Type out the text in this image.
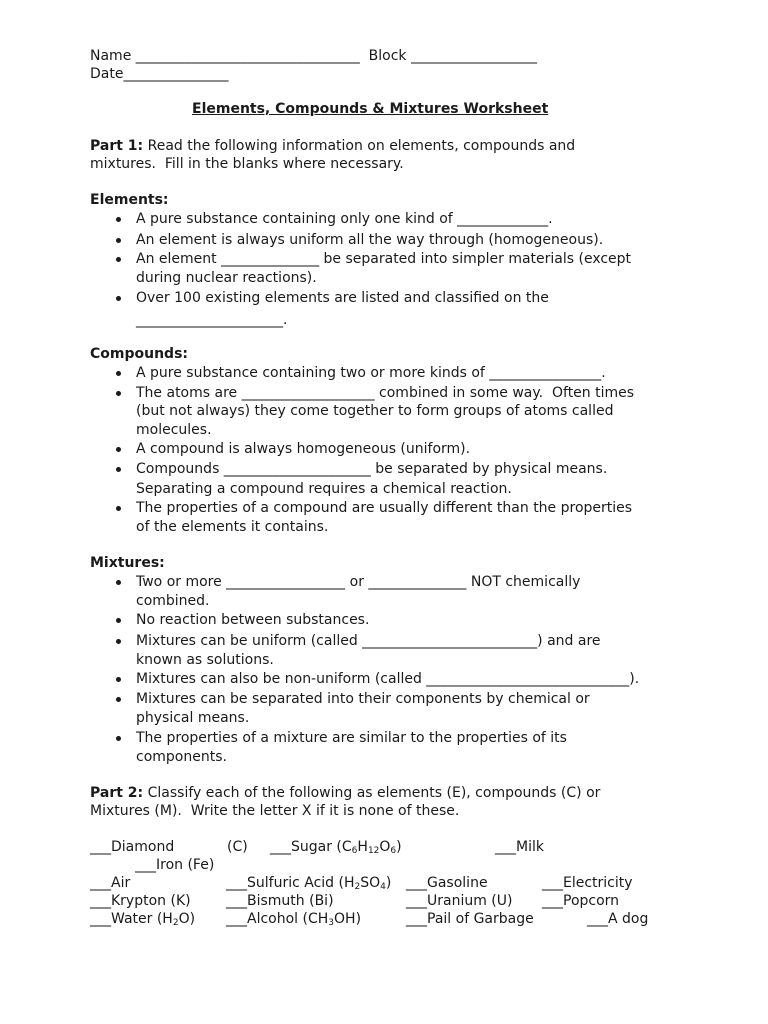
Name ________________________________  Block __________________
Date_______________
Elements, Compounds & Mixtures Worksheet
Part 1: Read the following information on elements, compounds and
mixtures.  Fill in the blanks where necessary.
Elements:
A pure substance containing only one kind of _____________.
An element is always uniform all the way through (homogeneous).
An element ______________ be separated into simpler materials (except
during nuclear reactions).
Over 100 existing elements are listed and classified on the
_____________________.
Compounds:
A pure substance containing two or more kinds of ________________.
The atoms are ___________________ combined in some way.  Often times
(but not always) they come together to form groups of atoms called
molecules.
A compound is always homogeneous (uniform).
Compounds _____________________ be separated by physical means.
Separating a compound requires a chemical reaction.
The properties of a compound are usually different than the properties
of the elements it contains.
Mixtures:
Two or more _________________ or ______________ NOT chemically
combined.
No reaction between substances.
Mixtures can be uniform (called _________________________) and are
known as solutions.
Mixtures can also be non-uniform (called _____________________________).
Mixtures can be separated into their components by chemical or
physical means.
The properties of a mixture are similar to the properties of its
components.
Part 2: Classify each of the following as elements (E), compounds (C) or
Mixtures (M).  Write the letter X if it is none of these.
___Diamond	(C) ___Sugar $(C_6H_{12}O_6)$	___Milk
___Iron (Fe)
___Air	___Sulfuric Acid $(H_2SO_4)$ ___Gasoline	___Electricity
___Krypton (K)	___Bismuth (Bi)	___Uranium (U) ___Popcorn
___Water $(H_2O)$ ___Alcohol $(CH_3OH)$	___Pail of Garbage	___A dog
